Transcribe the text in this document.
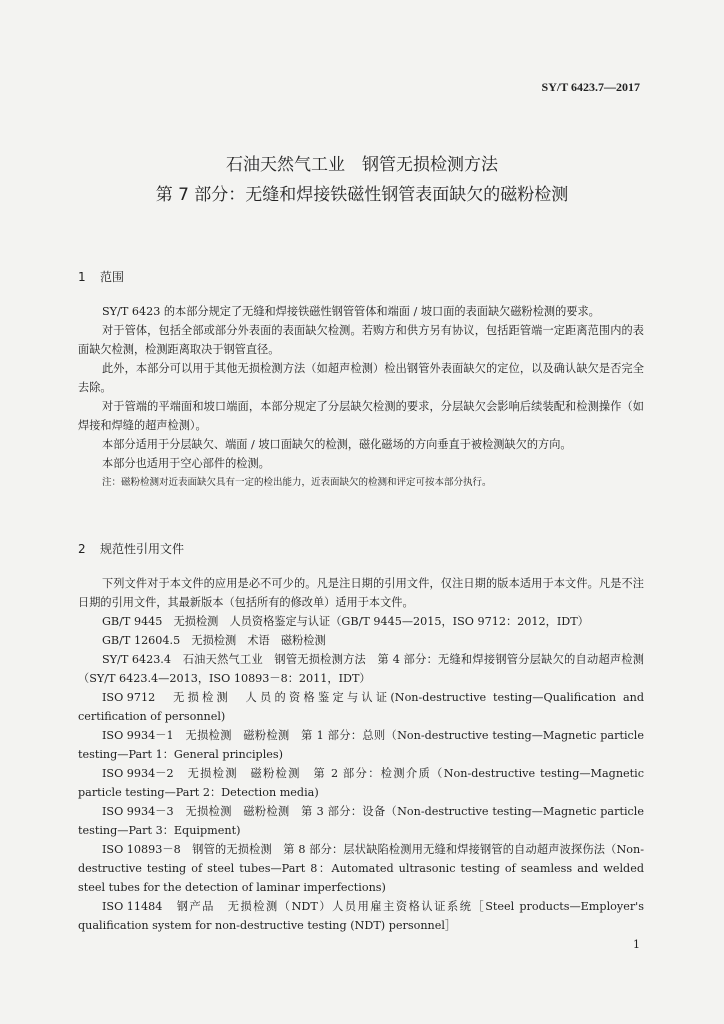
SY/T 6423.7—2017
石油天然气工业　钢管无损检测方法
第 7 部分：无缝和焊接铁磁性钢管表面缺欠的磁粉检测
1 范围

SY/T 6423 的本部分规定了无缝和焊接铁磁性钢管管体和端面 / 坡口面的表面缺欠磁粉检测的要求。

对于管体，包括全部或部分外表面的表面缺欠检测。若购方和供方另有协议，包括距管端一定距离范围内的表面缺欠检测，检测距离取决于钢管直径。

此外，本部分可以用于其他无损检测方法（如超声检测）检出钢管外表面缺欠的定位，以及确认缺欠是否完全去除。

对于管端的平端面和坡口端面，本部分规定了分层缺欠检测的要求，分层缺欠会影响后续装配和检测操作（如焊接和焊缝的超声检测）。

本部分适用于分层缺欠、端面 / 坡口面缺欠的检测，磁化磁场的方向垂直于被检测缺欠的方向。

本部分也适用于空心部件的检测。

注：磁粉检测对近表面缺欠具有一定的检出能力，近表面缺欠的检测和评定可按本部分执行。

2 规范性引用文件

下列文件对于本文件的应用是必不可少的。凡是注日期的引用文件，仅注日期的版本适用于本文件。凡是不注日期的引用文件，其最新版本（包括所有的修改单）适用于本文件。

GB/T 9445　无损检测　人员资格鉴定与认证（GB/T 9445—2015，ISO 9712：2012，IDT）

GB/T 12604.5　无损检测　术语　磁粉检测

SY/T 6423.4　石油天然气工业　钢管无损检测方法　第 4 部分：无缝和焊接钢管分层缺欠的自动超声检测（SY/T 6423.4—2013，ISO 10893－8：2011，IDT）

ISO 9712　无损检测　人员的资格鉴定与认证(Non-destructive testing—Qualification and certification of personnel)

ISO 9934－1　无损检测　磁粉检测　第 1 部分：总则（Non-destructive testing—Magnetic particle testing—Part 1：General principles)

ISO 9934－2　无损检测　磁粉检测　第 2 部分：检测介质（Non-destructive testing—Magnetic particle testing—Part 2：Detection media)

ISO 9934－3　无损检测　磁粉检测　第 3 部分：设备（Non-destructive testing—Magnetic particle testing—Part 3：Equipment)

ISO 10893－8　钢管的无损检测　第 8 部分：层状缺陷检测用无缝和焊接钢管的自动超声波探伤法（Non-destructive testing of steel tubes—Part 8：Automated ultrasonic testing of seamless and welded steel tubes for the detection of laminar imperfections)

ISO 11484　钢产品　无损检测（NDT）人员用雇主资格认证系统［Steel products—Employer's qualification system for non-destructive testing (NDT) personnel］

1
